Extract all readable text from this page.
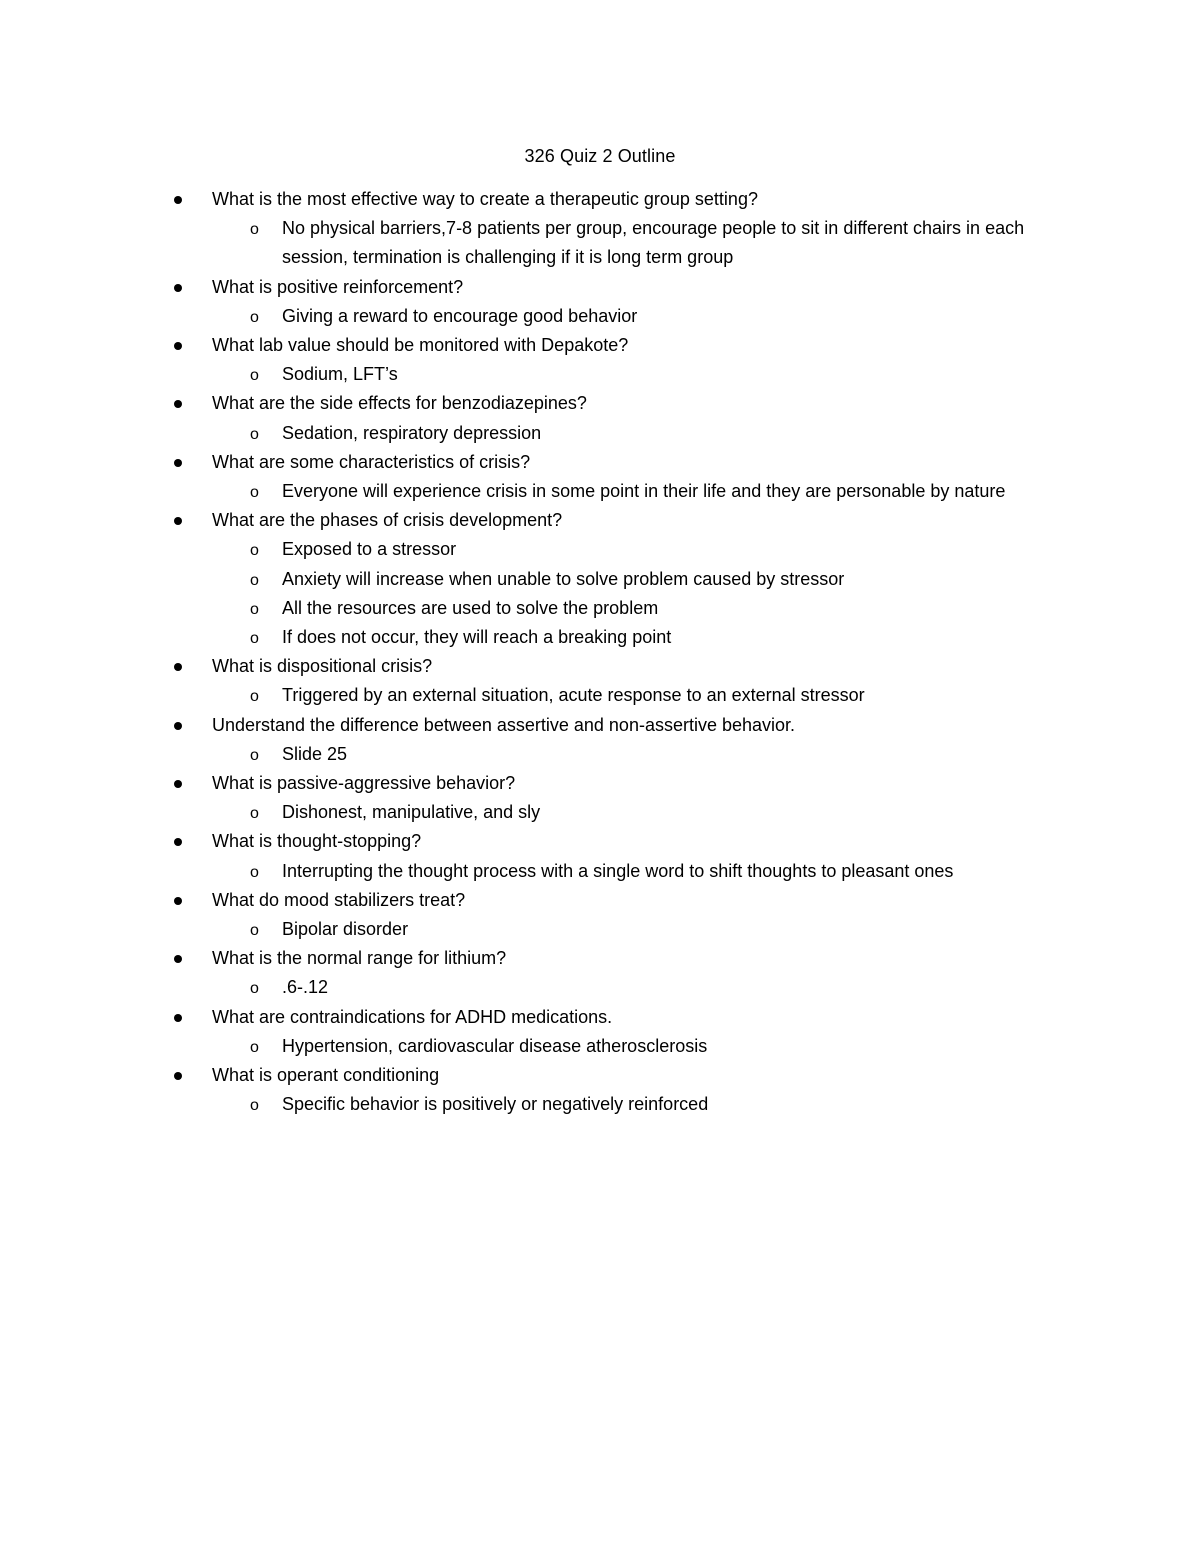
326 Quiz 2 Outline
What is the most effective way to create a therapeutic group setting?
o No physical barriers,7-8 patients per group, encourage people to sit in different chairs in each session, termination is challenging if it is long term group
What is positive reinforcement?
o Giving a reward to encourage good behavior
What lab value should be monitored with Depakote?
o Sodium, LFT’s
What are the side effects for benzodiazepines?
o Sedation, respiratory depression
What are some characteristics of crisis?
o Everyone will experience crisis in some point in their life and they are personable by nature
What are the phases of crisis development?
o Exposed to a stressor
o Anxiety will increase when unable to solve problem caused by stressor
o All the resources are used to solve the problem
o If does not occur, they will reach a breaking point
What is dispositional crisis?
o Triggered by an external situation, acute response to an external stressor
Understand the difference between assertive and non-assertive behavior.
o Slide 25
What is passive-aggressive behavior?
o Dishonest, manipulative, and sly
What is thought-stopping?
o Interrupting the thought process with a single word to shift thoughts to pleasant ones
What do mood stabilizers treat?
o Bipolar disorder
What is the normal range for lithium?
o .6-.12
What are contraindications for ADHD medications.
o Hypertension, cardiovascular disease atherosclerosis
What is operant conditioning
o Specific behavior is positively or negatively reinforced
